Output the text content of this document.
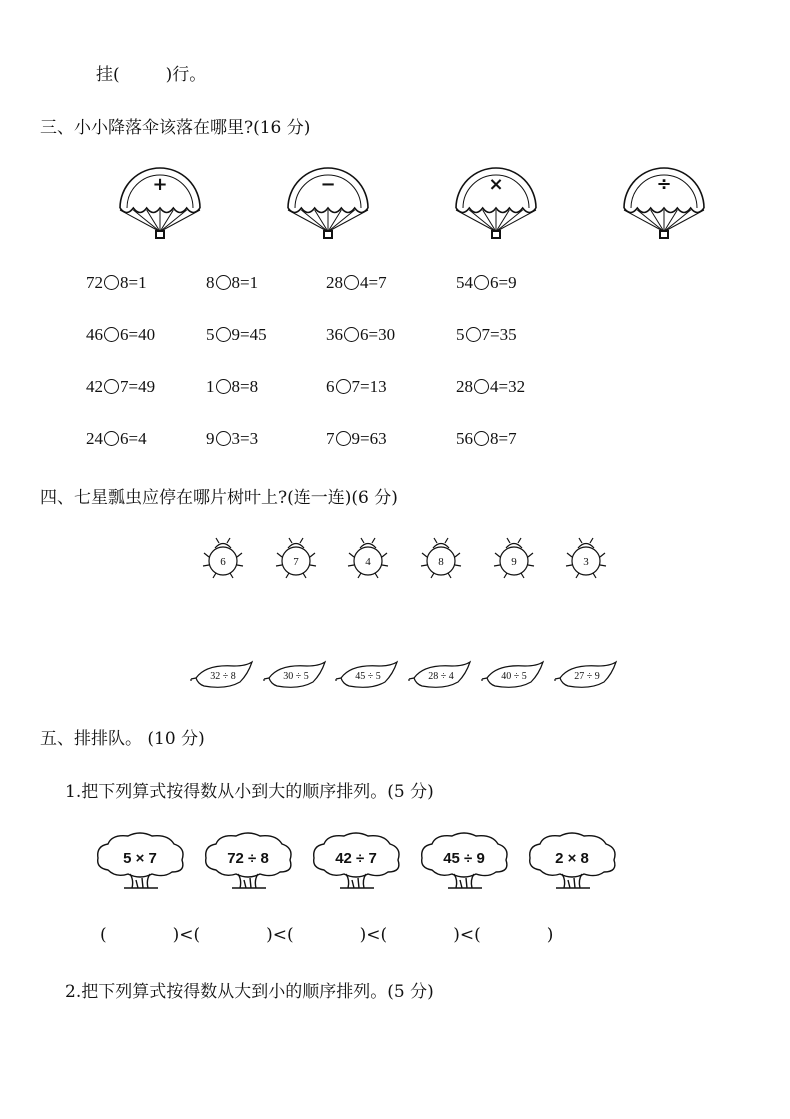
挂(	)行。
三、小小降落伞该落在哪里?(16 分)
+	−	×	÷
72 8=1	8 8=1	28 4=7	54 6=9
46 6=40	5 9=45	36 6=30	5 7=35
42 7=49	1 8=8	6 7=13	28 4=32
24 6=4	9 3=3	7 9=63	56 8=7
四、七星瓢虫应停在哪片树叶上?(连一连)(6 分)
6	7	4	8	9	3
32 ÷ 8	30 ÷ 5	45 ÷ 5	28 ÷ 4	40 ÷ 5	27 ÷ 9
五、排排队。 (10 分)
1.把下列算式按得数从小到大的顺序排列。(5 分)
5 × 7	72 ÷ 8	42 ÷ 7	45 ÷ 9	2 × 8
(	)<(	)<(	)<(	)<(	)
2.把下列算式按得数从大到小的顺序排列。(5 分)
